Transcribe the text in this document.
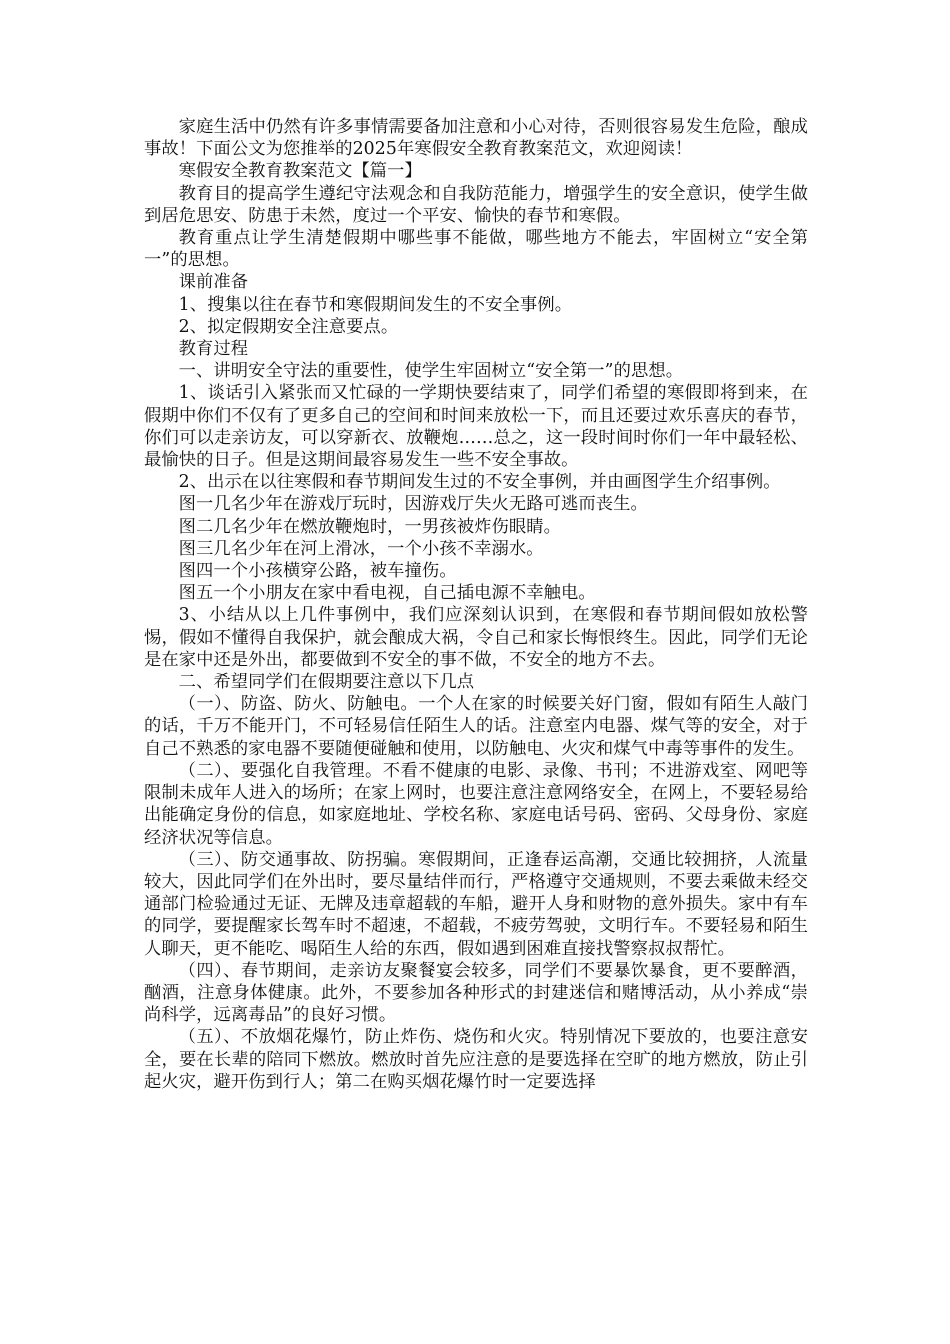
家庭生活中仍然有许多事情需要备加注意和小心对待，否则很容易发生危险，酿成事故！下面公文为您推举的2025年寒假安全教育教案范文，欢迎阅读！

寒假安全教育教案范文【篇一】

教育目的提高学生遵纪守法观念和自我防范能力，增强学生的安全意识，使学生做到居危思安、防患于未然，度过一个平安、愉快的春节和寒假。

教育重点让学生清楚假期中哪些事不能做，哪些地方不能去，牢固树立“安全第一”的思想。

课前准备

1、搜集以往在春节和寒假期间发生的不安全事例。

2、拟定假期安全注意要点。

教育过程

一、讲明安全守法的重要性，使学生牢固树立“安全第一”的思想。

1、谈话引入紧张而又忙碌的一学期快要结束了，同学们希望的寒假即将到来，在假期中你们不仅有了更多自己的空间和时间来放松一下，而且还要过欢乐喜庆的春节，你们可以走亲访友，可以穿新衣、放鞭炮……总之，这一段时间时你们一年中最轻松、最愉快的日子。但是这期间最容易发生一些不安全事故。

2、出示在以往寒假和春节期间发生过的不安全事例，并由画图学生介绍事例。

图一几名少年在游戏厅玩时，因游戏厅失火无路可逃而丧生。

图二几名少年在燃放鞭炮时，一男孩被炸伤眼睛。

图三几名少年在河上滑冰，一个小孩不幸溺水。

图四一个小孩横穿公路，被车撞伤。

图五一个小朋友在家中看电视，自己插电源不幸触电。

3、小结从以上几件事例中，我们应深刻认识到，在寒假和春节期间假如放松警惕，假如不懂得自我保护，就会酿成大祸，令自己和家长悔恨终生。因此，同学们无论是在家中还是外出，都要做到不安全的事不做，不安全的地方不去。

二、希望同学们在假期要注意以下几点

（一）、防盗、防火、防触电。一个人在家的时候要关好门窗，假如有陌生人敲门的话，千万不能开门，不可轻易信任陌生人的话。注意室内电器、煤气等的安全，对于自己不熟悉的家电器不要随便碰触和使用，以防触电、火灾和煤气中毒等事件的发生。

（二）、要强化自我管理。不看不健康的电影、录像、书刊；不进游戏室、网吧等限制未成年人进入的场所；在家上网时，也要注意注意网络安全，在网上，不要轻易给出能确定身份的信息，如家庭地址、学校名称、家庭电话号码、密码、父母身份、家庭经济状况等信息。

（三）、防交通事故、防拐骗。寒假期间，正逢春运高潮，交通比较拥挤，人流量较大，因此同学们在外出时，要尽量结伴而行，严格遵守交通规则，不要去乘做未经交通部门检验通过无证、无牌及违章超载的车船，避开人身和财物的意外损失。家中有车的同学，要提醒家长驾车时不超速，不超载，不疲劳驾驶，文明行车。不要轻易和陌生人聊天，更不能吃、喝陌生人给的东西，假如遇到困难直接找警察叔叔帮忙。

（四）、春节期间，走亲访友聚餐宴会较多，同学们不要暴饮暴食，更不要醉酒，酗酒，注意身体健康。此外，不要参加各种形式的封建迷信和赌博活动，从小养成“崇尚科学，远离毒品”的良好习惯。

（五）、不放烟花爆竹，防止炸伤、烧伤和火灾。特别情况下要放的，也要注意安全，要在长辈的陪同下燃放。燃放时首先应注意的是要选择在空旷的地方燃放，防止引起火灾，避开伤到行人；第二在购买烟花爆竹时一定要选择
